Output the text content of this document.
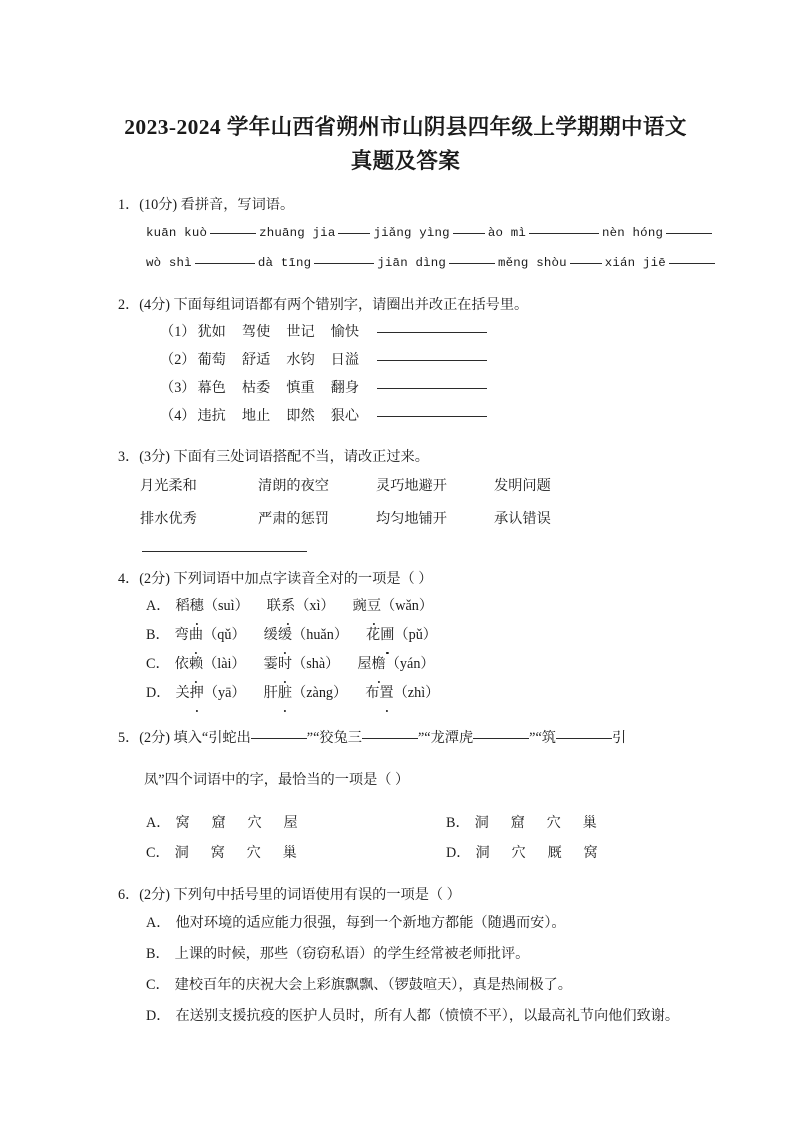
2023-2024 学年山西省朔州市山阴县四年级上学期期中语文
真题及答案

1．(10分) 看拼音，写词语。

kuān kuò	zhuāng jia	jiǎng yìng	ào mì	nèn hóng
wò shì	dà tīng	jiān dìng	měng shòu	xián jiē

2．(4分) 下面每组词语都有两个错别字，请圈出并改正在括号里。

（1） 犹如 驾使 世记 愉快
（2） 葡萄 舒适 水钧 日溢
（3） 幕色 枯委 慎重 翻身
（4） 违抗 地止 即然 狠心

3．(3分) 下面有三处词语搭配不当，请改正过来。

月光柔和	清朗的夜空	灵巧地避开	发明问题
排水优秀	严肃的惩罚	均匀地铺开	承认错误

4．(2分) 下列词语中加点字读音全对的一项是（ ）

A． 稻穗（suì） 联系（xì） 豌豆（wǎn）
B． 弯曲（qǔ） 缓缓（huǎn） 花圃（pǔ）
C． 依赖（lài） 霎时（shà） 屋檐（yán）
D． 关押（yā） 肝脏（zàng） 布置（zhì）

5．(2分) 填入“引蛇出	”“狡兔三	”“龙潭虎	”“筑	引

凤”四个词语中的字，最恰当的一项是（ ）

A． 窝 窟 穴 屋	B． 洞 窟 穴 巢
C． 洞 窝 穴 巢	D． 洞 穴 厩 窝

6．(2分) 下列句中括号里的词语使用有误的一项是（ ）

A． 他对环境的适应能力很强，每到一个新地方都能（随遇而安）。
B． 上课的时候，那些（窃窃私语）的学生经常被老师批评。
C． 建校百年的庆祝大会上彩旗飘飘、（锣鼓喧天），真是热闹极了。
D． 在送别支援抗疫的医护人员时，所有人都（愤愤不平），以最高礼节向他们致谢。
